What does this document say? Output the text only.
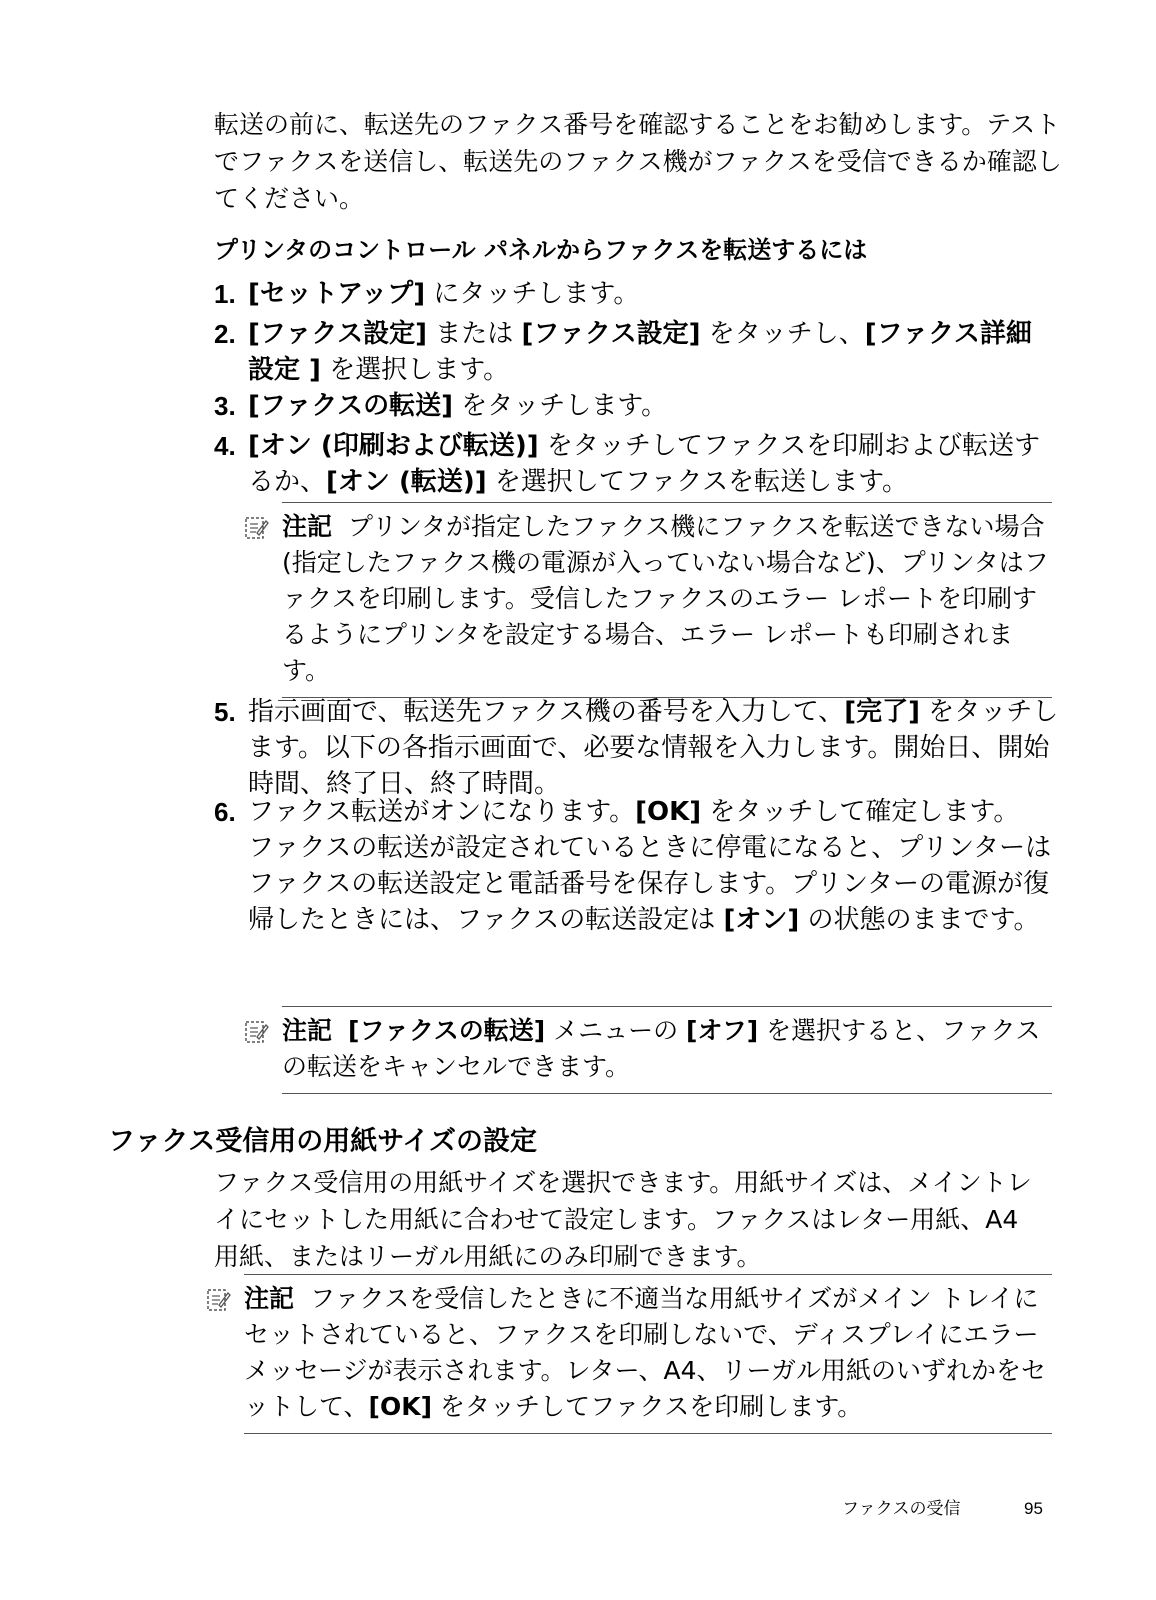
転送の前に、転送先のファクス番号を確認することをお勧めします。テストでファクスを送信し、転送先のファクス機がファクスを受信できるか確認してください。
プリンタのコントロール パネルからファクスを転送するには
1. [セットアップ] にタッチします。
2. [ファクス設定] または [ファクス設定] をタッチし、[ファクス詳細設定 ] を選択します。
3. [ファクスの転送] をタッチします。
4. [オン (印刷および転送)] をタッチしてファクスを印刷および転送するか、[オン (転送)] を選択してファクスを転送します。
注記 プリンタが指定したファクス機にファクスを転送できない場合 (指定したファクス機の電源が入っていない場合など)、プリンタはファクスを印刷します。受信したファクスのエラー レポートを印刷するようにプリンタを設定する場合、エラー レポートも印刷されます。
5. 指示画面で、転送先ファクス機の番号を入力して、[完了] をタッチします。以下の各指示画面で、必要な情報を入力します。開始日、開始時間、終了日、終了時間。
6. ファクス転送がオンになります。[OK] をタッチして確定します。
ファクスの転送が設定されているときに停電になると、プリンターはファクスの転送設定と電話番号を保存します。プリンターの電源が復帰したときには、ファクスの転送設定は [オン] の状態のままです。
注記 [ファクスの転送] メニューの [オフ] を選択すると、ファクスの転送をキャンセルできます。
ファクス受信用の用紙サイズの設定
ファクス受信用の用紙サイズを選択できます。用紙サイズは、メイントレイにセットした用紙に合わせて設定します。ファクスはレター用紙、A4 用紙、またはリーガル用紙にのみ印刷できます。
注記 ファクスを受信したときに不適当な用紙サイズがメイン トレイにセットされていると、ファクスを印刷しないで、ディスプレイにエラー メッセージが表示されます。レター、A4、リーガル用紙のいずれかをセットして、[OK] をタッチしてファクスを印刷します。
ファクスの受信	95
